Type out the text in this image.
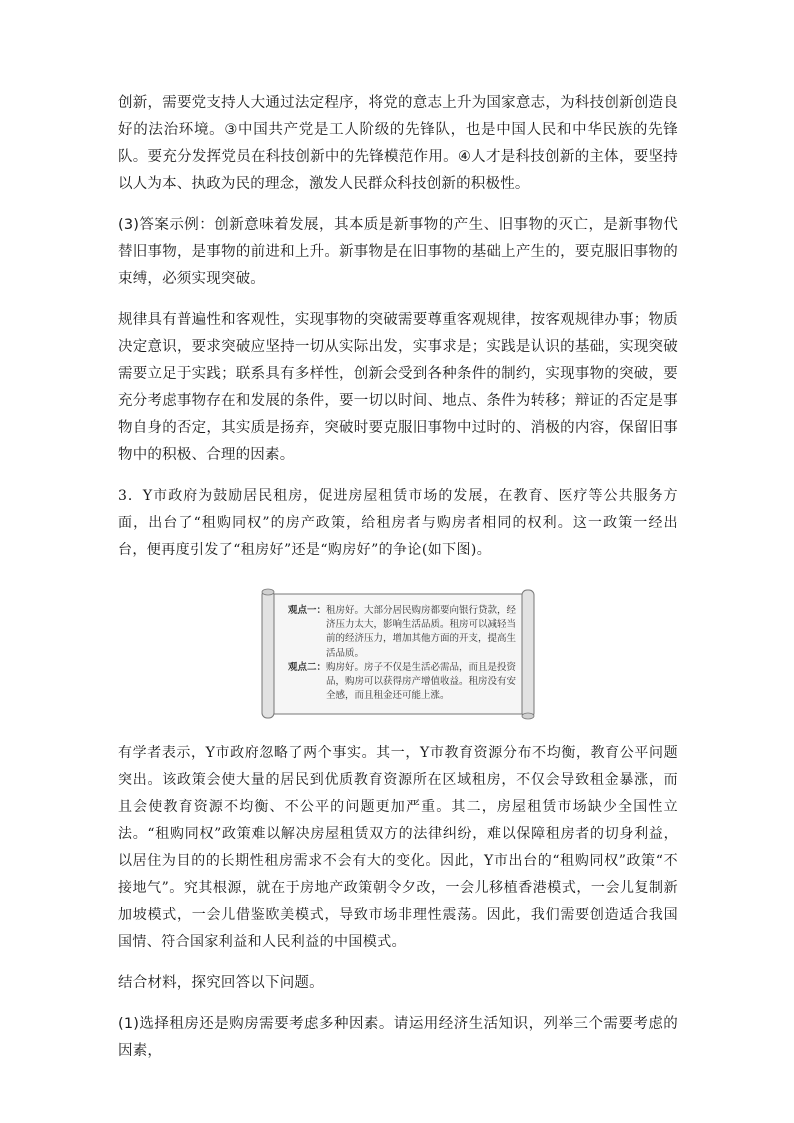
创新，需要党支持人大通过法定程序，将党的意志上升为国家意志，为科技创新创造良好的法治环境。③中国共产党是工人阶级的先锋队，也是中国人民和中华民族的先锋队。要充分发挥党员在科技创新中的先锋模范作用。④人才是科技创新的主体，要坚持以人为本、执政为民的理念，激发人民群众科技创新的积极性。

(3)答案示例：创新意味着发展，其本质是新事物的产生、旧事物的灭亡，是新事物代替旧事物，是事物的前进和上升。新事物是在旧事物的基础上产生的，要克服旧事物的束缚，必须实现突破。

规律具有普遍性和客观性，实现事物的突破需要尊重客观规律，按客观规律办事；物质决定意识，要求突破应坚持一切从实际出发，实事求是；实践是认识的基础，实现突破需要立足于实践；联系具有多样性，创新会受到各种条件的制约，实现事物的突破，要充分考虑事物存在和发展的条件，要一切以时间、地点、条件为转移；辩证的否定是事物自身的否定，其实质是扬弃，突破时要克服旧事物中过时的、消极的内容，保留旧事物中的积极、合理的因素。

3．Y市政府为鼓励居民租房，促进房屋租赁市场的发展，在教育、医疗等公共服务方面，出台了“租购同权”的房产政策，给租房者与购房者相同的权利。这一政策一经出台，便再度引发了“租房好”还是“购房好”的争论(如下图)。

观点一： 租房好。大部分居民购房都要向银行贷款，经济压力太大，影响生活品质。租房可以减轻当前的经济压力，增加其他方面的开支，提高生活品质。
观点二： 购房好。房子不仅是生活必需品，而且是投资品，购房可以获得房产增值收益。租房没有安全感，而且租金还可能上涨。

有学者表示，Y市政府忽略了两个事实。其一，Y市教育资源分布不均衡，教育公平问题突出。该政策会使大量的居民到优质教育资源所在区域租房，不仅会导致租金暴涨，而且会使教育资源不均衡、不公平的问题更加严重。其二，房屋租赁市场缺少全国性立法。“租购同权”政策难以解决房屋租赁双方的法律纠纷，难以保障租房者的切身利益，以居住为目的的长期性租房需求不会有大的变化。因此，Y市出台的“租购同权”政策“不接地气”。究其根源，就在于房地产政策朝令夕改，一会儿移植香港模式，一会儿复制新加坡模式，一会儿借鉴欧美模式，导致市场非理性震荡。因此，我们需要创造适合我国国情、符合国家利益和人民利益的中国模式。

结合材料，探究回答以下问题。

(1)选择租房还是购房需要考虑多种因素。请运用经济生活知识，列举三个需要考虑的因素，
